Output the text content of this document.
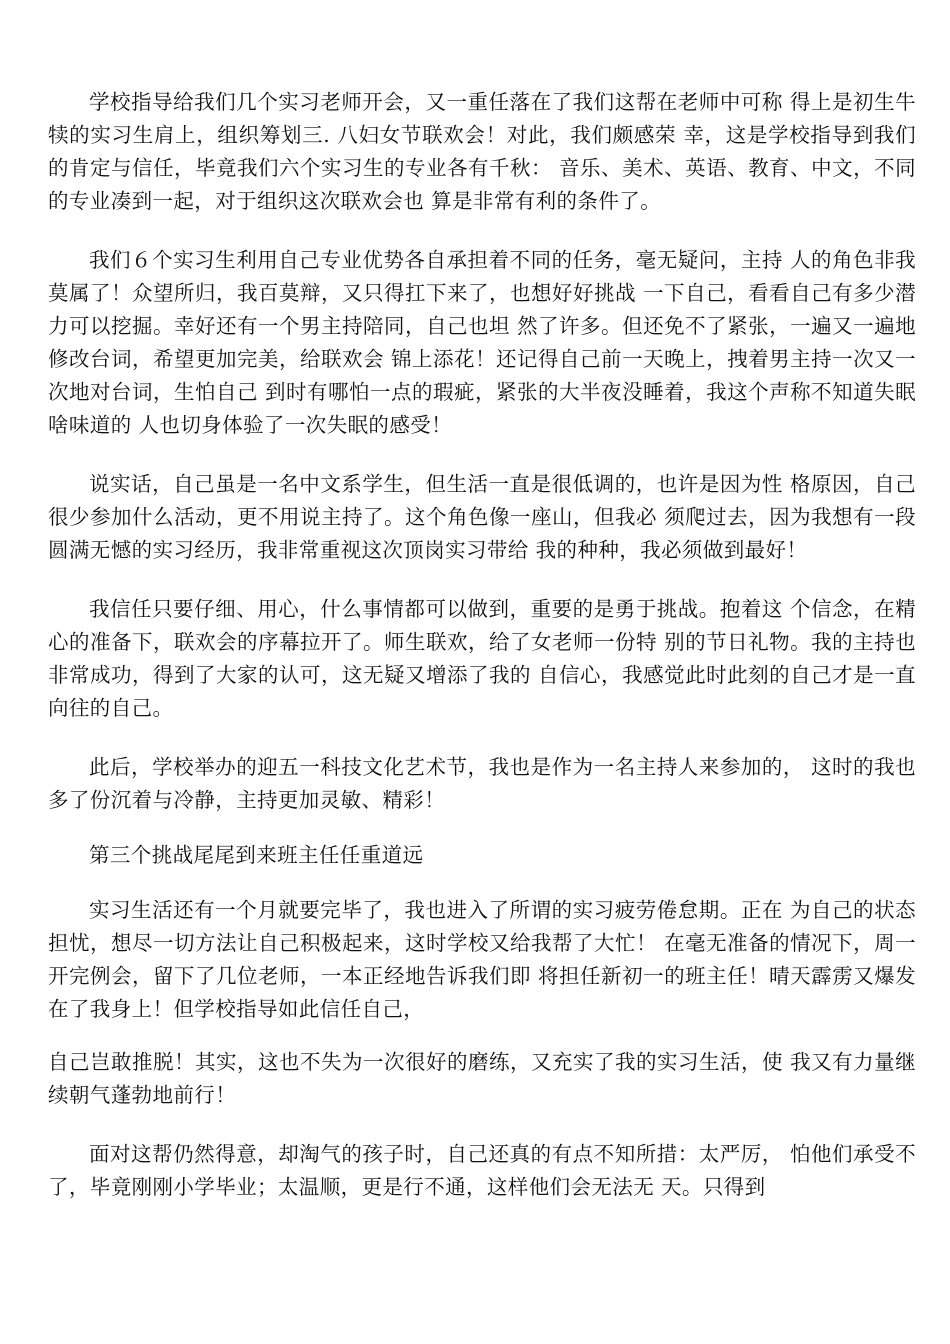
学校指导给我们几个实习老师开会，又一重任落在了我们这帮在老师中可称 得上是初生牛犊的实习生肩上，组织筹划三. 八妇女节联欢会！对此，我们颇感荣 幸，这是学校指导到我们的肯定与信任，毕竟我们六个实习生的专业各有千秋： 音乐、美术、英语、教育、中文，不同的专业凑到一起，对于组织这次联欢会也 算是非常有利的条件了。

我们６个实习生利用自己专业优势各自承担着不同的任务，毫无疑问，主持 人的角色非我莫属了！众望所归，我百莫辩，又只得扛下来了，也想好好挑战 一下自己，看看自己有多少潜力可以挖掘。幸好还有一个男主持陪同，自己也坦 然了许多。但还免不了紧张，一遍又一遍地修改台词，希望更加完美，给联欢会 锦上添花！还记得自己前一天晚上，拽着男主持一次又一次地对台词，生怕自己 到时有哪怕一点的瑕疵，紧张的大半夜没睡着，我这个声称不知道失眠啥味道的 人也切身体验了一次失眠的感受！

说实话，自己虽是一名中文系学生，但生活一直是很低调的，也许是因为性 格原因，自己很少参加什么活动，更不用说主持了。这个角色像一座山，但我必 须爬过去，因为我想有一段圆满无憾的实习经历，我非常重视这次顶岗实习带给 我的种种，我必须做到最好！

我信任只要仔细、用心，什么事情都可以做到，重要的是勇于挑战。抱着这 个信念，在精心的准备下，联欢会的序幕拉开了。师生联欢，给了女老师一份特 别的节日礼物。我的主持也非常成功，得到了大家的认可，这无疑又增添了我的 自信心，我感觉此时此刻的自己才是一直向往的自己。

此后，学校举办的迎五一科技文化艺术节，我也是作为一名主持人来参加的， 这时的我也多了份沉着与冷静，主持更加灵敏、精彩！

第三个挑战尾尾到来班主任任重道远

实习生活还有一个月就要完毕了，我也进入了所谓的实习疲劳倦怠期。正在 为自己的状态担忧，想尽一切方法让自己积极起来，这时学校又给我帮了大忙！ 在毫无准备的情况下，周一开完例会，留下了几位老师，一本正经地告诉我们即 将担任新初一的班主任！晴天霹雳又爆发在了我身上！但学校指导如此信任自己，

自己岂敢推脱！其实，这也不失为一次很好的磨练，又充实了我的实习生活，使 我又有力量继续朝气蓬勃地前行！

面对这帮仍然得意，却淘气的孩子时，自己还真的有点不知所措：太严厉， 怕他们承受不了，毕竟刚刚小学毕业；太温顺，更是行不通，这样他们会无法无 天。只得到
